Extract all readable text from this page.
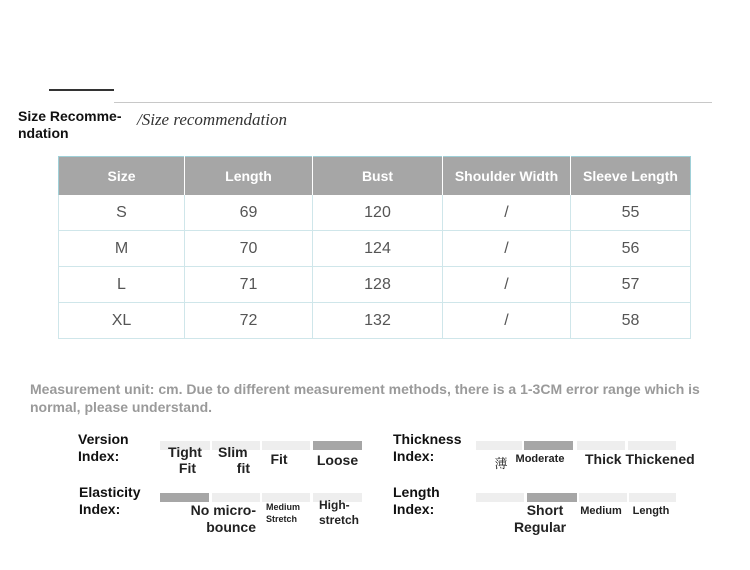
Size Recomme-
ndation
/Size recommendation
Size	Length	Bust	Shoulder Width	Sleeve Length
S	69	120	/	55
M	70	124	/	56
L	71	128	/	57
XL	72	132	/	58
Measurement unit: cm. Due to different measurement methods, there is a 1-3CM error range which is normal, please understand.
Version
Index:	Tight
Fit
Slim
fit
Fit	Loose
Elasticity
Index:	No micro-
bounce
Medium
Stretch
High-
stretch
Thickness
Index:	薄 Moderate Thick Thickened
Length
Index:	Short
Regular
Medium Length
